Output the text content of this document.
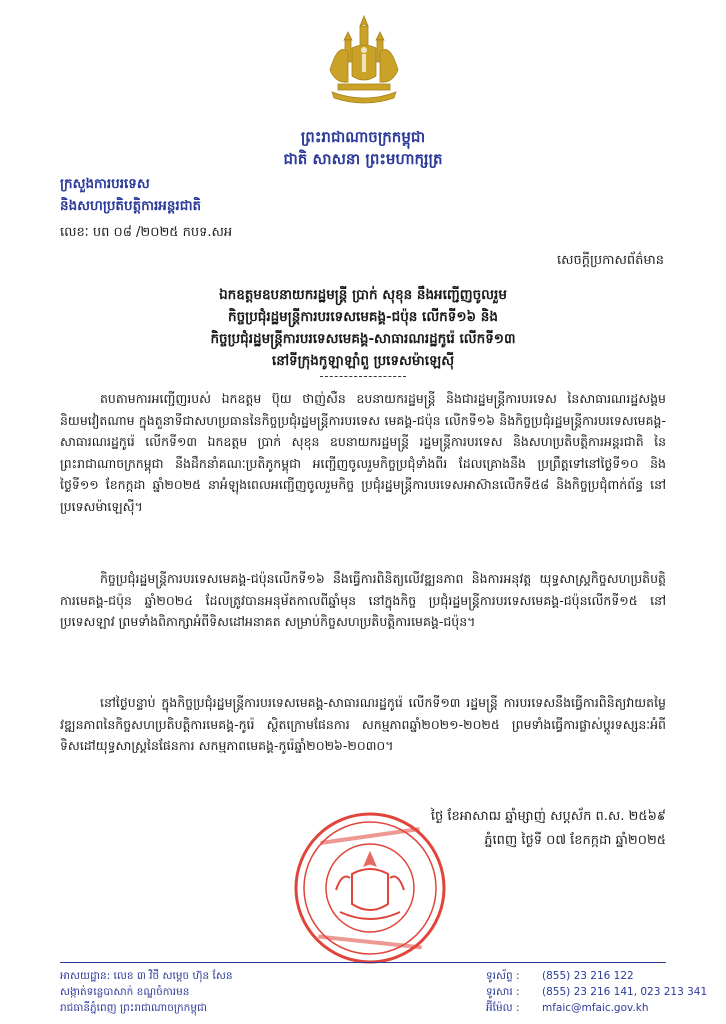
ព្រះរាជាណាចក្រកម្ពុជា
ជាតិ សាសនា ព្រះមហាក្សត្រ
ក្រសួងការបរទេស
និងសហប្រតិបត្តិការអន្តរជាតិ
លេខៈ បព ០៨ /២០២៥ កបទ.សអ
សេចក្ដីប្រកាសព័ត៌មាន
ឯកឧត្ដមឧបនាយករដ្ឋមន្ត្រី ប្រាក់ សុខុន នឹងអញ្ជើញចូលរួម
កិច្ចប្រជុំរដ្ឋមន្ត្រីការបរទេសមេគង្គ-ជប៉ុន លើកទី១៦ និង
កិច្ចប្រជុំរដ្ឋមន្ត្រីការបរទេសមេគង្គ-សាធារណរដ្ឋកូរ៉េ លើកទី១៣
នៅទីក្រុងកូឡាឡាំពួ ប្រទេសម៉ាឡេស៊ី
តបតាមការអញ្ជើញរបស់ ឯកឧត្ដម ប៊ុយ ថាញ់សឺន ឧបនាយករដ្ឋមន្ត្រី និងជារដ្ឋមន្ត្រីការបរទេស នៃសាធារណរដ្ឋសង្គមនិយមវៀតណាម ក្នុងតួនាទីជាសហប្រធាននៃកិច្ចប្រជុំរដ្ឋមន្ត្រីការបរទេស មេគង្គ-ជប៉ុន លើកទី១៦ និងកិច្ចប្រជុំរដ្ឋមន្ត្រីការបរទេសមេគង្គ-សាធារណរដ្ឋកូរ៉េ លើកទី១៣ ឯកឧត្ដម ប្រាក់ សុខុន ឧបនាយករដ្ឋមន្ត្រី រដ្ឋមន្ត្រីការបរទេស និងសហប្រតិបត្តិការអន្តរជាតិ នៃ ព្រះរាជាណាចក្រកម្ពុជា នឹងដឹកនាំគណៈប្រតិភូកម្ពុជា អញ្ជើញចូលរួមកិច្ចប្រជុំទាំងពីរ ដែលគ្រោងនឹង ប្រព្រឹត្តទៅនៅថ្ងៃទី១០ និងថ្ងៃទី១១ ខែកក្កដា ឆ្នាំ២០២៥ នាអំឡុងពេលអញ្ជើញចូលរួមកិច្ច ប្រជុំរដ្ឋមន្ត្រីការបរទេសអាស៊ានលើកទី៥៨ និងកិច្ចប្រជុំពាក់ព័ន្ធ នៅប្រទេសម៉ាឡេស៊ី។
កិច្ចប្រជុំរដ្ឋមន្ត្រីការបរទេសមេគង្គ-ជប៉ុនលើកទី១៦ នឹងធ្វើការពិនិត្យលើវឌ្ឍនភាព និងការអនុវត្ត យុទ្ធសាស្ត្រកិច្ចសហប្រតិបត្តិការមេគង្គ-ជប៉ុន ឆ្នាំ២០២៤ ដែលត្រូវបានអនុម័តកាលពីឆ្នាំមុន នៅក្នុងកិច្ច ប្រជុំរដ្ឋមន្ត្រីការបរទេសមេគង្គ-ជប៉ុនលើកទី១៥ នៅប្រទេសឡាវ ព្រមទាំងពិភាក្សាអំពីទិសដៅអនាគត សម្រាប់កិច្ចសហប្រតិបត្តិការមេគង្គ-ជប៉ុន។
នៅថ្ងៃបន្ទាប់ ក្នុងកិច្ចប្រជុំរដ្ឋមន្ត្រីការបរទេសមេគង្គ-សាធារណរដ្ឋកូរ៉េ លើកទី១៣ រដ្ឋមន្ត្រី ការបរទេសនឹងធ្វើការពិនិត្យវាយតម្លៃវឌ្ឍនភាពនៃកិច្ចសហប្រតិបត្តិការមេគង្គ-កូរ៉េ ស្ថិតក្រោមផែនការ សកម្មភាពឆ្នាំ២០២១-២០២៥ ព្រមទាំងធ្វើការផ្លាស់ប្ដូរទស្សនៈអំពីទិសដៅយុទ្ធសាស្ត្រនៃផែនការ សកម្មភាពមេគង្គ-កូរ៉េឆ្នាំ២០២៦-២០៣០។
ថ្ងៃ ខែអាសាឍ ឆ្នាំម្សាញ់ សប្តស័ក ព.ស. ២៥៦៩
ភ្នំពេញ ថ្ងៃទី ០៧ ខែកក្កដា ឆ្នាំ២០២៥
អាសយដ្ឋាន: លេខ ៣ វិថី សម្ដេច ហ៊ុន សែន
សង្កាត់ទន្លេបាសាក់ ខណ្ឌចំការមន
រាជធានីភ្នំពេញ ព្រះរាជាណាចក្រកម្ពុជា
ទូរស័ព្ទ : (855) 23 216 122
ទូរសារ : (855) 23 216 141, 023 213 341
អ៊ីម៉ែល : mfaic@mfaic.gov.kh
